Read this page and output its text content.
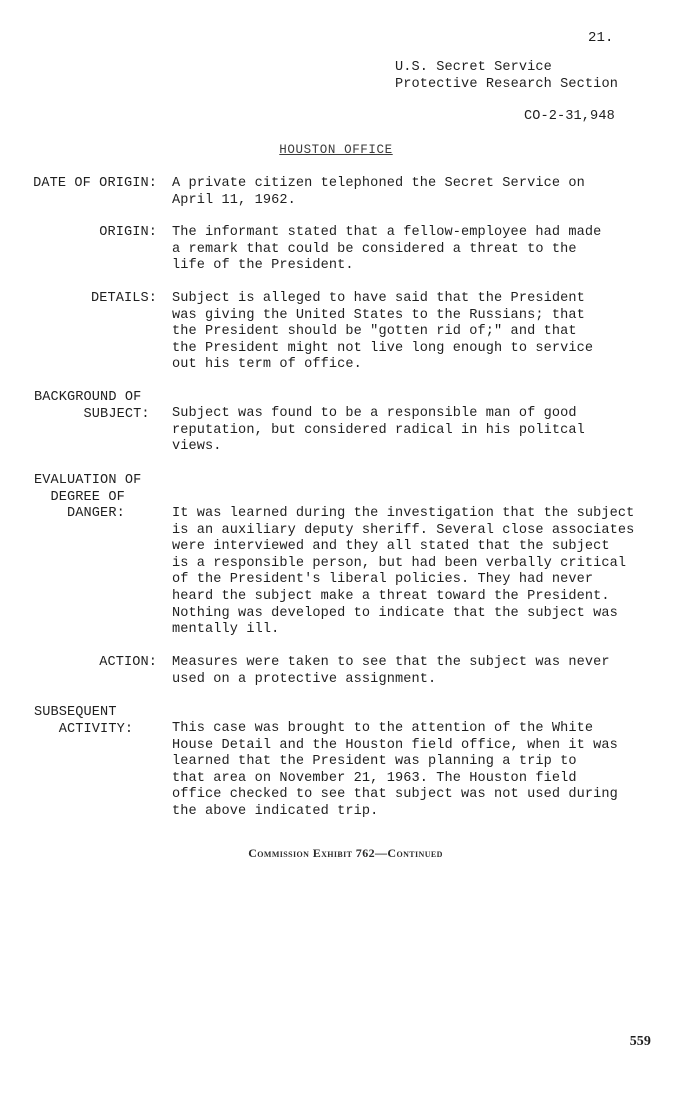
21.
U.S. Secret Service
Protective Research Section
CO-2-31,948
HOUSTON OFFICE
DATE OF ORIGIN: A private citizen telephoned the Secret Service on
April 11, 1962.
ORIGIN: The informant stated that a fellow-employee had made
a remark that could be considered a threat to the
life of the President.
DETAILS: Subject is alleged to have said that the President
was giving the United States to the Russians; that
the President should be "gotten rid of;" and that
the President might not live long enough to service
out his term of office.
BACKGROUND OF
SUBJECT: Subject was found to be a responsible man of good
reputation, but considered radical in his politcal
views.
EVALUATION OF
DEGREE OF
DANGER:	It was learned during the investigation that the subject
is an auxiliary deputy sheriff. Several close associates
were interviewed and they all stated that the subject
is a responsible person, but had been verbally critical
of the President's liberal policies. They had never
heard the subject make a threat toward the President.
Nothing was developed to indicate that the subject was
mentally ill.
ACTION: Measures were taken to see that the subject was never
used on a protective assignment.
SUBSEQUENT
ACTIVITY:	This case was brought to the attention of the White
House Detail and the Houston field office, when it was
learned that the President was planning a trip to
that area on November 21, 1963. The Houston field
office checked to see that subject was not used during
the above indicated trip.
Commission Exhibit 762—Continued
559
